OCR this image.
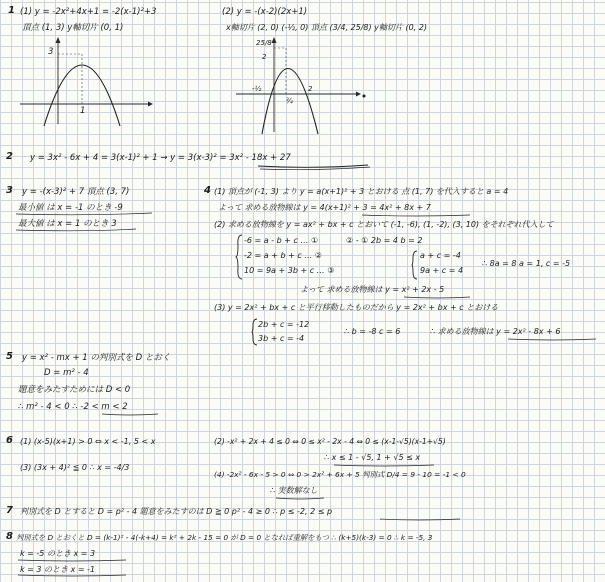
1 (1) y = -2x²+4x+1 = -2(x-1)²+3
頂点 (1, 3) y軸切片 (0, 1)
3
1
(2) y = -(x-2)(2x+1)
x軸切片 (2, 0) (-½, 0) 頂点 (3/4, 25/8) y軸切片 (0, 2)
25/8
2
-½
¾
2
2 y = 3x² - 6x + 4 = 3(x-1)² + 1 → y = 3(x-3)² = 3x² - 18x + 27
3 y = -(x-3)² + 7 頂点 (3, 7)
最小値 は x = -1 のとき -9
最大値 は x = 1 のとき 3
4 (1) 頂点が (-1, 3) より y = a(x+1)² + 3 とおける 点 (1, 7) を代入すると a = 4
よって 求める放物線は y = 4(x+1)² + 3 = 4x² + 8x + 7
(2) 求める放物線を y = ax² + bx + c とおいて (-1, -6), (1, -2), (3, 10) をそれぞれ代入して
-6 = a - b + c … ①
-2 = a + b + c … ②
10 = 9a + 3b + c … ③
② - ① 2b = 4 b = 2
a + c = -4
9a + c = 4
∴ 8a = 8 a = 1, c = -5
よって 求める放物線は y = x² + 2x - 5
(3) y = 2x² + bx + c と平行移動したものだから y = 2x² + bx + c とおける
2b + c = -12
3b + c = -4
∴ b = -8 c = 6	∴ 求める放物線は y = 2x² - 8x + 6
5 y = x² - mx + 1 の判別式を D とおく
D = m² - 4
題意をみたすためには D < 0
∴ m² - 4 < 0 ∴ -2 < m < 2
6 (1) (x-5)(x+1) > 0 ⇔ x < -1, 5 < x	(2) -x² + 2x + 4 ≤ 0 ⇔ 0 ≤ x² - 2x - 4 ⇔ 0 ≤ (x-1-√5)(x-1+√5)
∴ x ≤ 1 - √5, 1 + √5 ≤ x
(3) (3x + 4)² ≦ 0 ∴ x = -4/3
(4) -2x² - 6x - 5 > 0 ⇔ 0 > 2x² + 6x + 5 判別式 D/4 = 9 - 10 = -1 < 0
∴ 実数解なし
7 判別式を D とすると D = p² - 4 題意をみたすのは D ≧ 0 p² - 4 ≥ 0 ∴ p ≤ -2, 2 ≤ p
8 判別式を D とおくと D = (k-1)² - 4(-k+4) = k² + 2k - 15 = 0 が D = 0 となれば重解をもつ ∴ (k+5)(k-3) = 0 ∴ k = -5, 3
k = -5 のとき x = 3
k = 3 のとき x = -1
